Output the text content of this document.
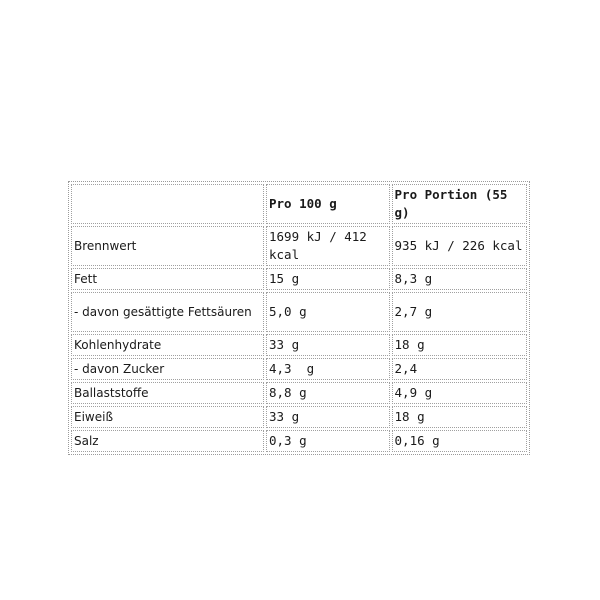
	Pro 100 g	Pro Portion (55 g)
Brennwert	1699 kJ / 412 kcal	935 kJ / 226 kcal
Fett	15 g	8,3 g
- davon gesättigte Fettsäuren	5,0 g	2,7 g
Kohlenhydrate	33 g	18 g
- davon Zucker	4,3  g	2,4
Ballaststoffe	8,8 g	4,9 g
Eiweiß	33 g	18 g
Salz	0,3 g	0,16 g
